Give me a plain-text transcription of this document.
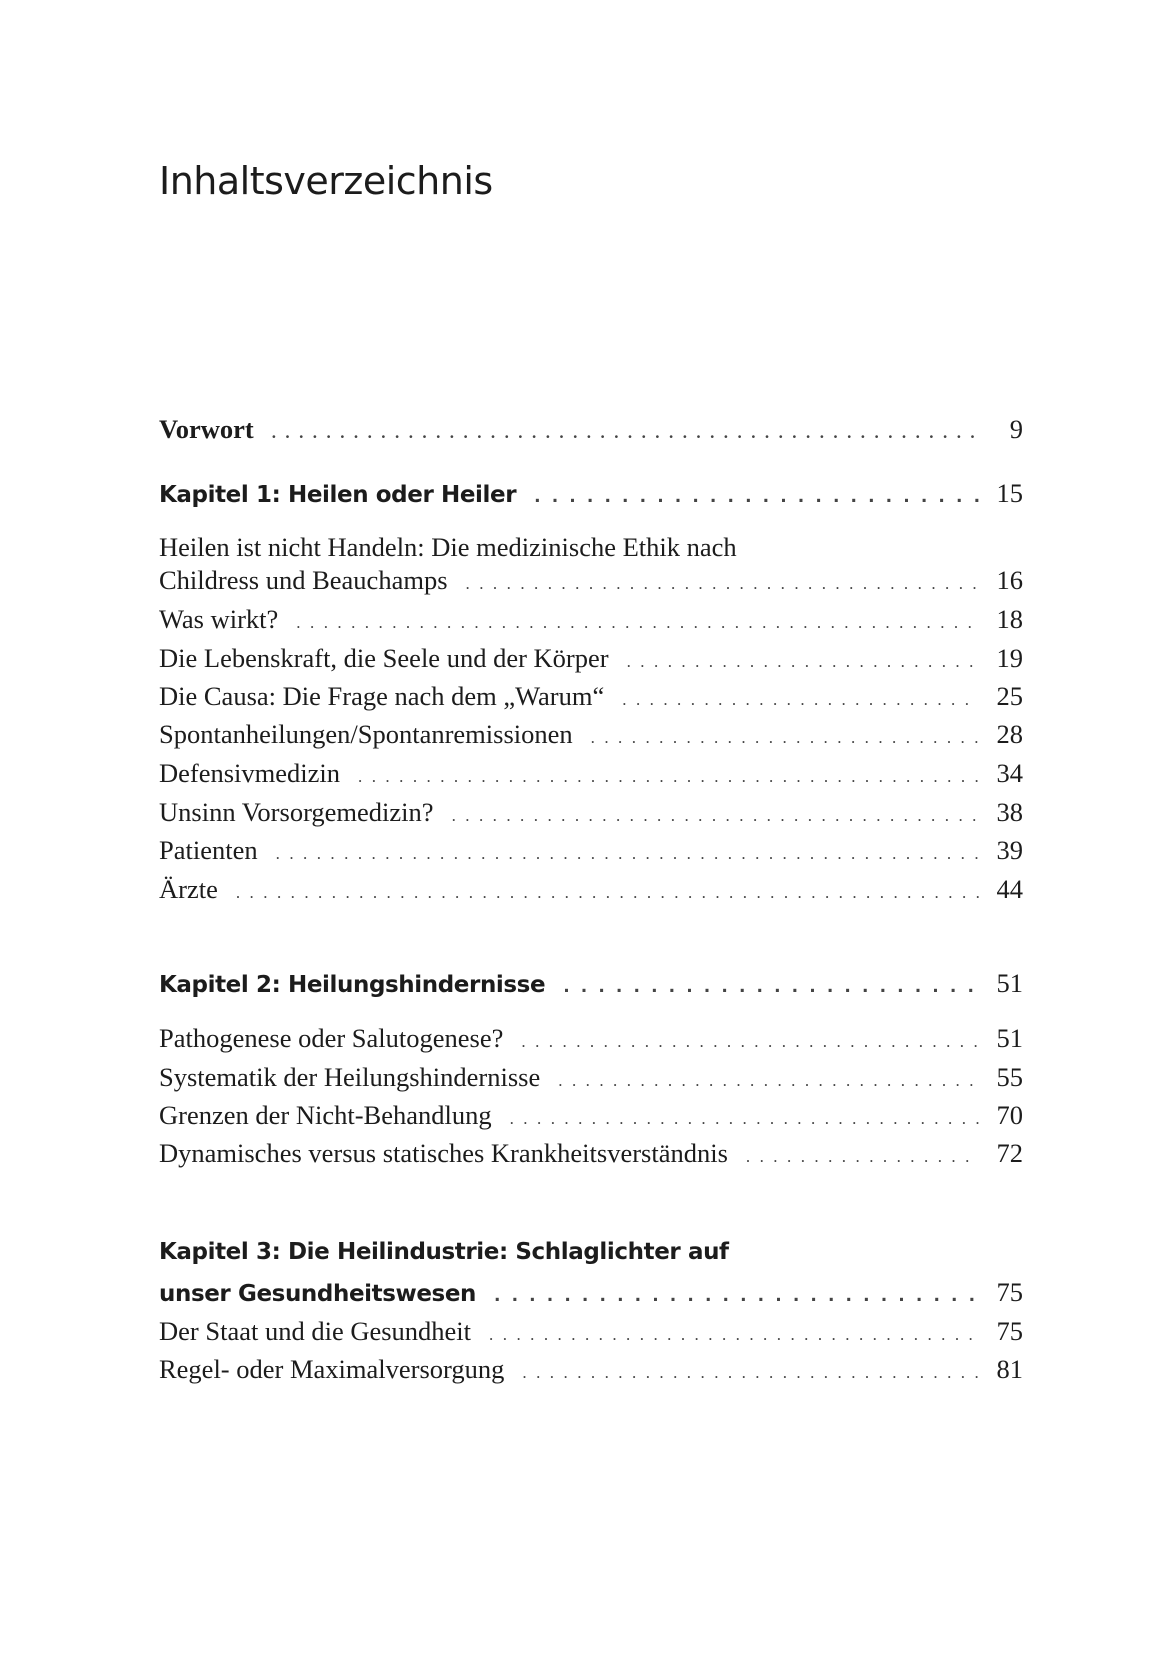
Inhaltsverzeichnis
Vorwort . . .	9
Kapitel 1: Heilen oder Heiler . . .	15
Heilen ist nicht Handeln: Die medizinische Ethik nach
Childress und Beauchamps . . .	16
Was wirkt? . . .	18
Die Lebenskraft, die Seele und der Körper . . .	19
Die Causa: Die Frage nach dem „Warum“ . . .	25
Spontanheilungen/Spontanremissionen . . .	28
Defensivmedizin . . .	34
Unsinn Vorsorgemedizin? . . .	38
Patienten . . .	39
Ärzte . . .	44
Kapitel 2: Heilungshindernisse . . .	51
Pathogenese oder Salutogenese? . . .	51
Systematik der Heilungshindernisse . . .	55
Grenzen der Nicht-Behandlung . . .	70
Dynamisches versus statisches Krankheitsverständnis . . .	72
Kapitel 3: Die Heilindustrie: Schlaglichter auf
unser Gesundheitswesen . . .	75
Der Staat und die Gesundheit . . .	75
Regel- oder Maximalversorgung . . .	81
